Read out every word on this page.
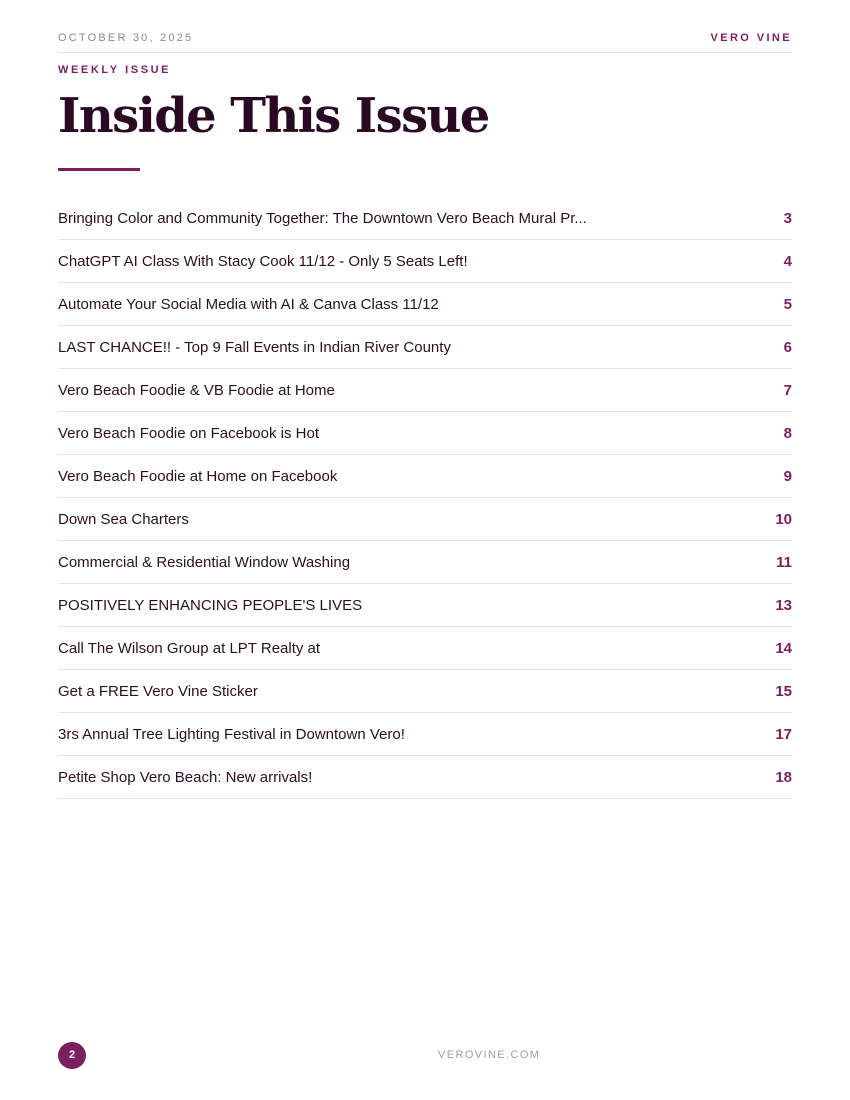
OCTOBER 30, 2025	VERO VINE
WEEKLY ISSUE
Inside This Issue
Bringing Color and Community Together: The Downtown Vero Beach Mural Pr...	3
ChatGPT AI Class With Stacy Cook 11/12 - Only 5 Seats Left!	4
Automate Your Social Media with AI & Canva Class 11/12	5
LAST CHANCE!! - Top 9 Fall Events in Indian River County	6
Vero Beach Foodie & VB Foodie at Home	7
Vero Beach Foodie on Facebook is Hot	8
Vero Beach Foodie at Home on Facebook	9
Down Sea Charters	10
Commercial & Residential Window Washing	11
POSITIVELY ENHANCING PEOPLE'S LIVES	13
Call The Wilson Group at LPT Realty at	14
Get a FREE Vero Vine Sticker	15
3rs Annual Tree Lighting Festival in Downtown Vero!	17
Petite Shop Vero Beach: New arrivals!	18
2	VEROVINE.COM
